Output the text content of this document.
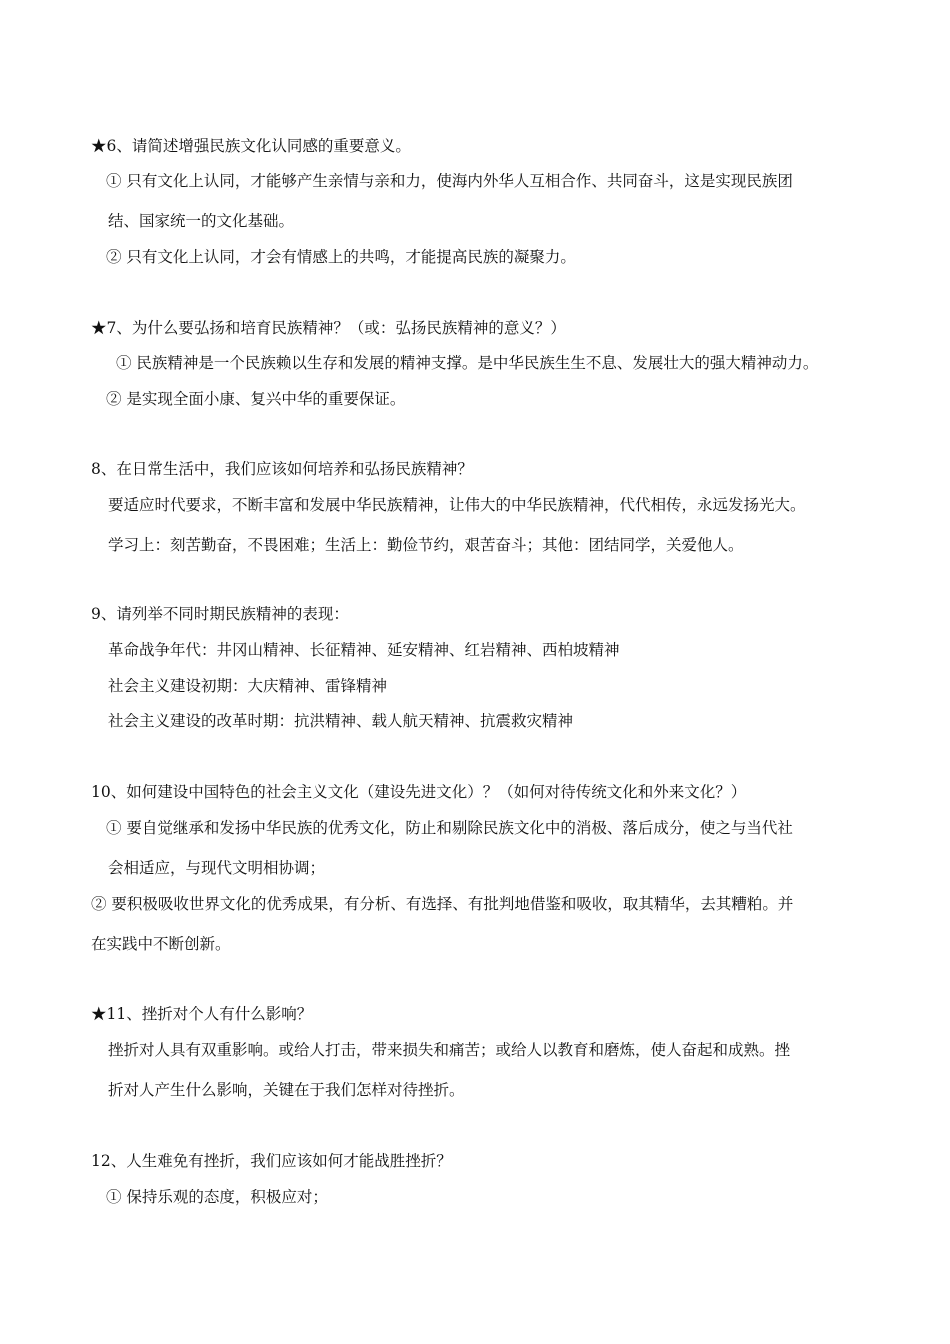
★6、请简述增强民族文化认同感的重要意义。
① 只有文化上认同，才能够产生亲情与亲和力，使海内外华人互相合作、共同奋斗，这是实现民族团
结、国家统一的文化基础。
② 只有文化上认同，才会有情感上的共鸣，才能提高民族的凝聚力。
★7、为什么要弘扬和培育民族精神？（或：弘扬民族精神的意义？）
① 民族精神是一个民族赖以生存和发展的精神支撑。是中华民族生生不息、发展壮大的强大精神动力。
② 是实现全面小康、复兴中华的重要保证。
8、在日常生活中，我们应该如何培养和弘扬民族精神？
要适应时代要求，不断丰富和发展中华民族精神，让伟大的中华民族精神，代代相传，永远发扬光大。
学习上：刻苦勤奋，不畏困难；生活上：勤俭节约，艰苦奋斗；其他：团结同学，关爱他人。
9、请列举不同时期民族精神的表现：
革命战争年代：井冈山精神、长征精神、延安精神、红岩精神、西柏坡精神
社会主义建设初期：大庆精神、雷锋精神
社会主义建设的改革时期：抗洪精神、载人航天精神、抗震救灾精神
10、如何建设中国特色的社会主义文化（建设先进文化）？（如何对待传统文化和外来文化？）
① 要自觉继承和发扬中华民族的优秀文化，防止和剔除民族文化中的消极、落后成分，使之与当代社
会相适应，与现代文明相协调；
② 要积极吸收世界文化的优秀成果，有分析、有选择、有批判地借鉴和吸收，取其精华，去其糟粕。并
在实践中不断创新。
★11、挫折对个人有什么影响？
挫折对人具有双重影响。或给人打击，带来损失和痛苦；或给人以教育和磨炼，使人奋起和成熟。挫
折对人产生什么影响，关键在于我们怎样对待挫折。
12、人生难免有挫折，我们应该如何才能战胜挫折？
① 保持乐观的态度，积极应对；
